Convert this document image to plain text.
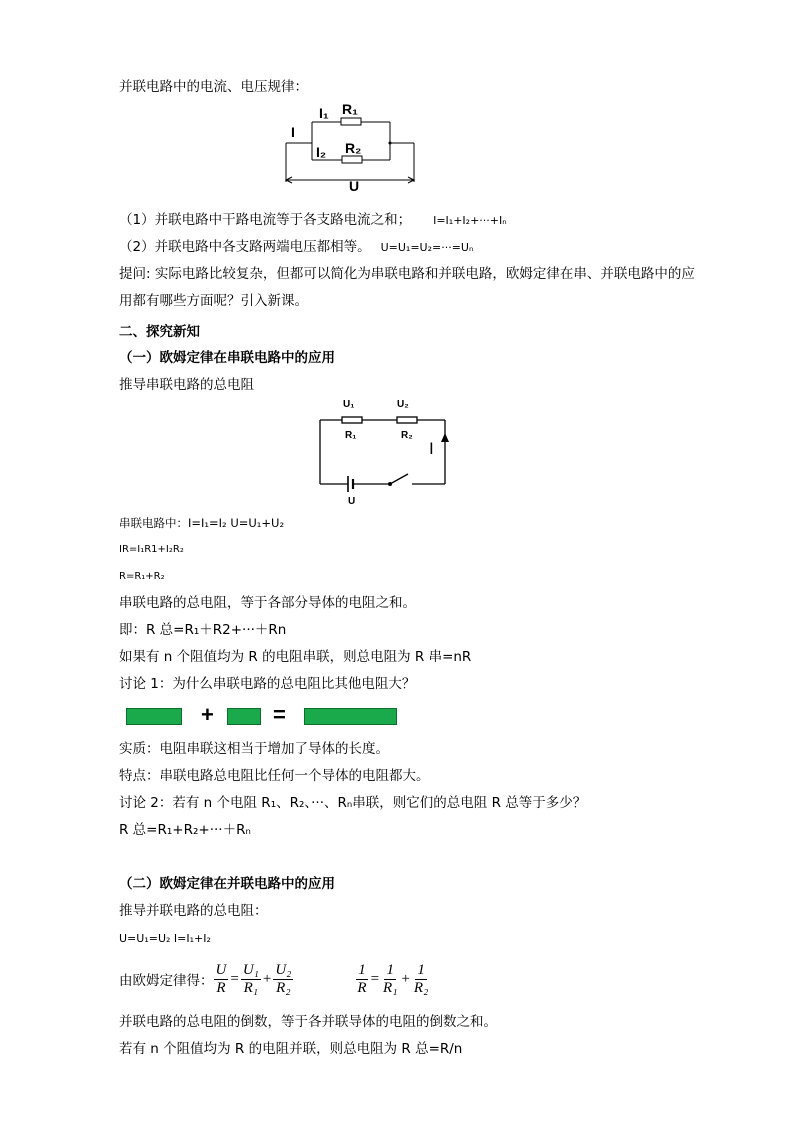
并联电路中的电流、电压规律：
I
I₁ R₁
I₂ R₂
U
（1）并联电路中干路电流等于各支路电流之和； I=I₁+I₂+···+Iₙ
（2）并联电路中各支路两端电压都相等。 U=U₁=U₂=···=Uₙ
提问: 实际电路比较复杂，但都可以简化为串联电路和并联电路，欧姆定律在串、并联电路中的应用都有哪些方面呢？引入新课。
二、探究新知
（一）欧姆定律在串联电路中的应用
推导串联电路的总电阻
U₁	U₂
R₁	R₂
I
U
串联电路中：I=I₁=I₂ U=U₁+U₂
IR=I₁R1+I₂R₂
R=R₁+R₂
串联电路的总电阻，等于各部分导体的电阻之和。
即：R 总=R₁＋R2+···＋Rn
如果有 n 个阻值均为 R 的电阻串联，则总电阻为 R 串=nR
讨论 1：为什么串联电路的总电阻比其他电阻大？
+	=
实质：电阻串联这相当于增加了导体的长度。
特点：串联电路总电阻比任何一个导体的电阻都大。
讨论 2：若有 n 个电阻 R₁、R₂、···、Rₙ串联，则它们的总电阻 R 总等于多少？
R 总=R₁+R₂+···＋Rₙ
（二）欧姆定律在并联电路中的应用
推导并联电路的总电阻：
U=U₁=U₂ I=I₁+I₂
由欧姆定律得： $\frac{U}{R} = \frac{\text{U₁}}{\text{R₁}} + \frac{\text{U₂}}{\text{R₂}}$	$\frac{1}{R} = \frac{1}{\text{R₁}} + \frac{1}{\text{R₂}}$
并联电路的总电阻的倒数，等于各并联导体的电阻的倒数之和。
若有 n 个阻值均为 R 的电阻并联，则总电阻为 R 总=R/n
